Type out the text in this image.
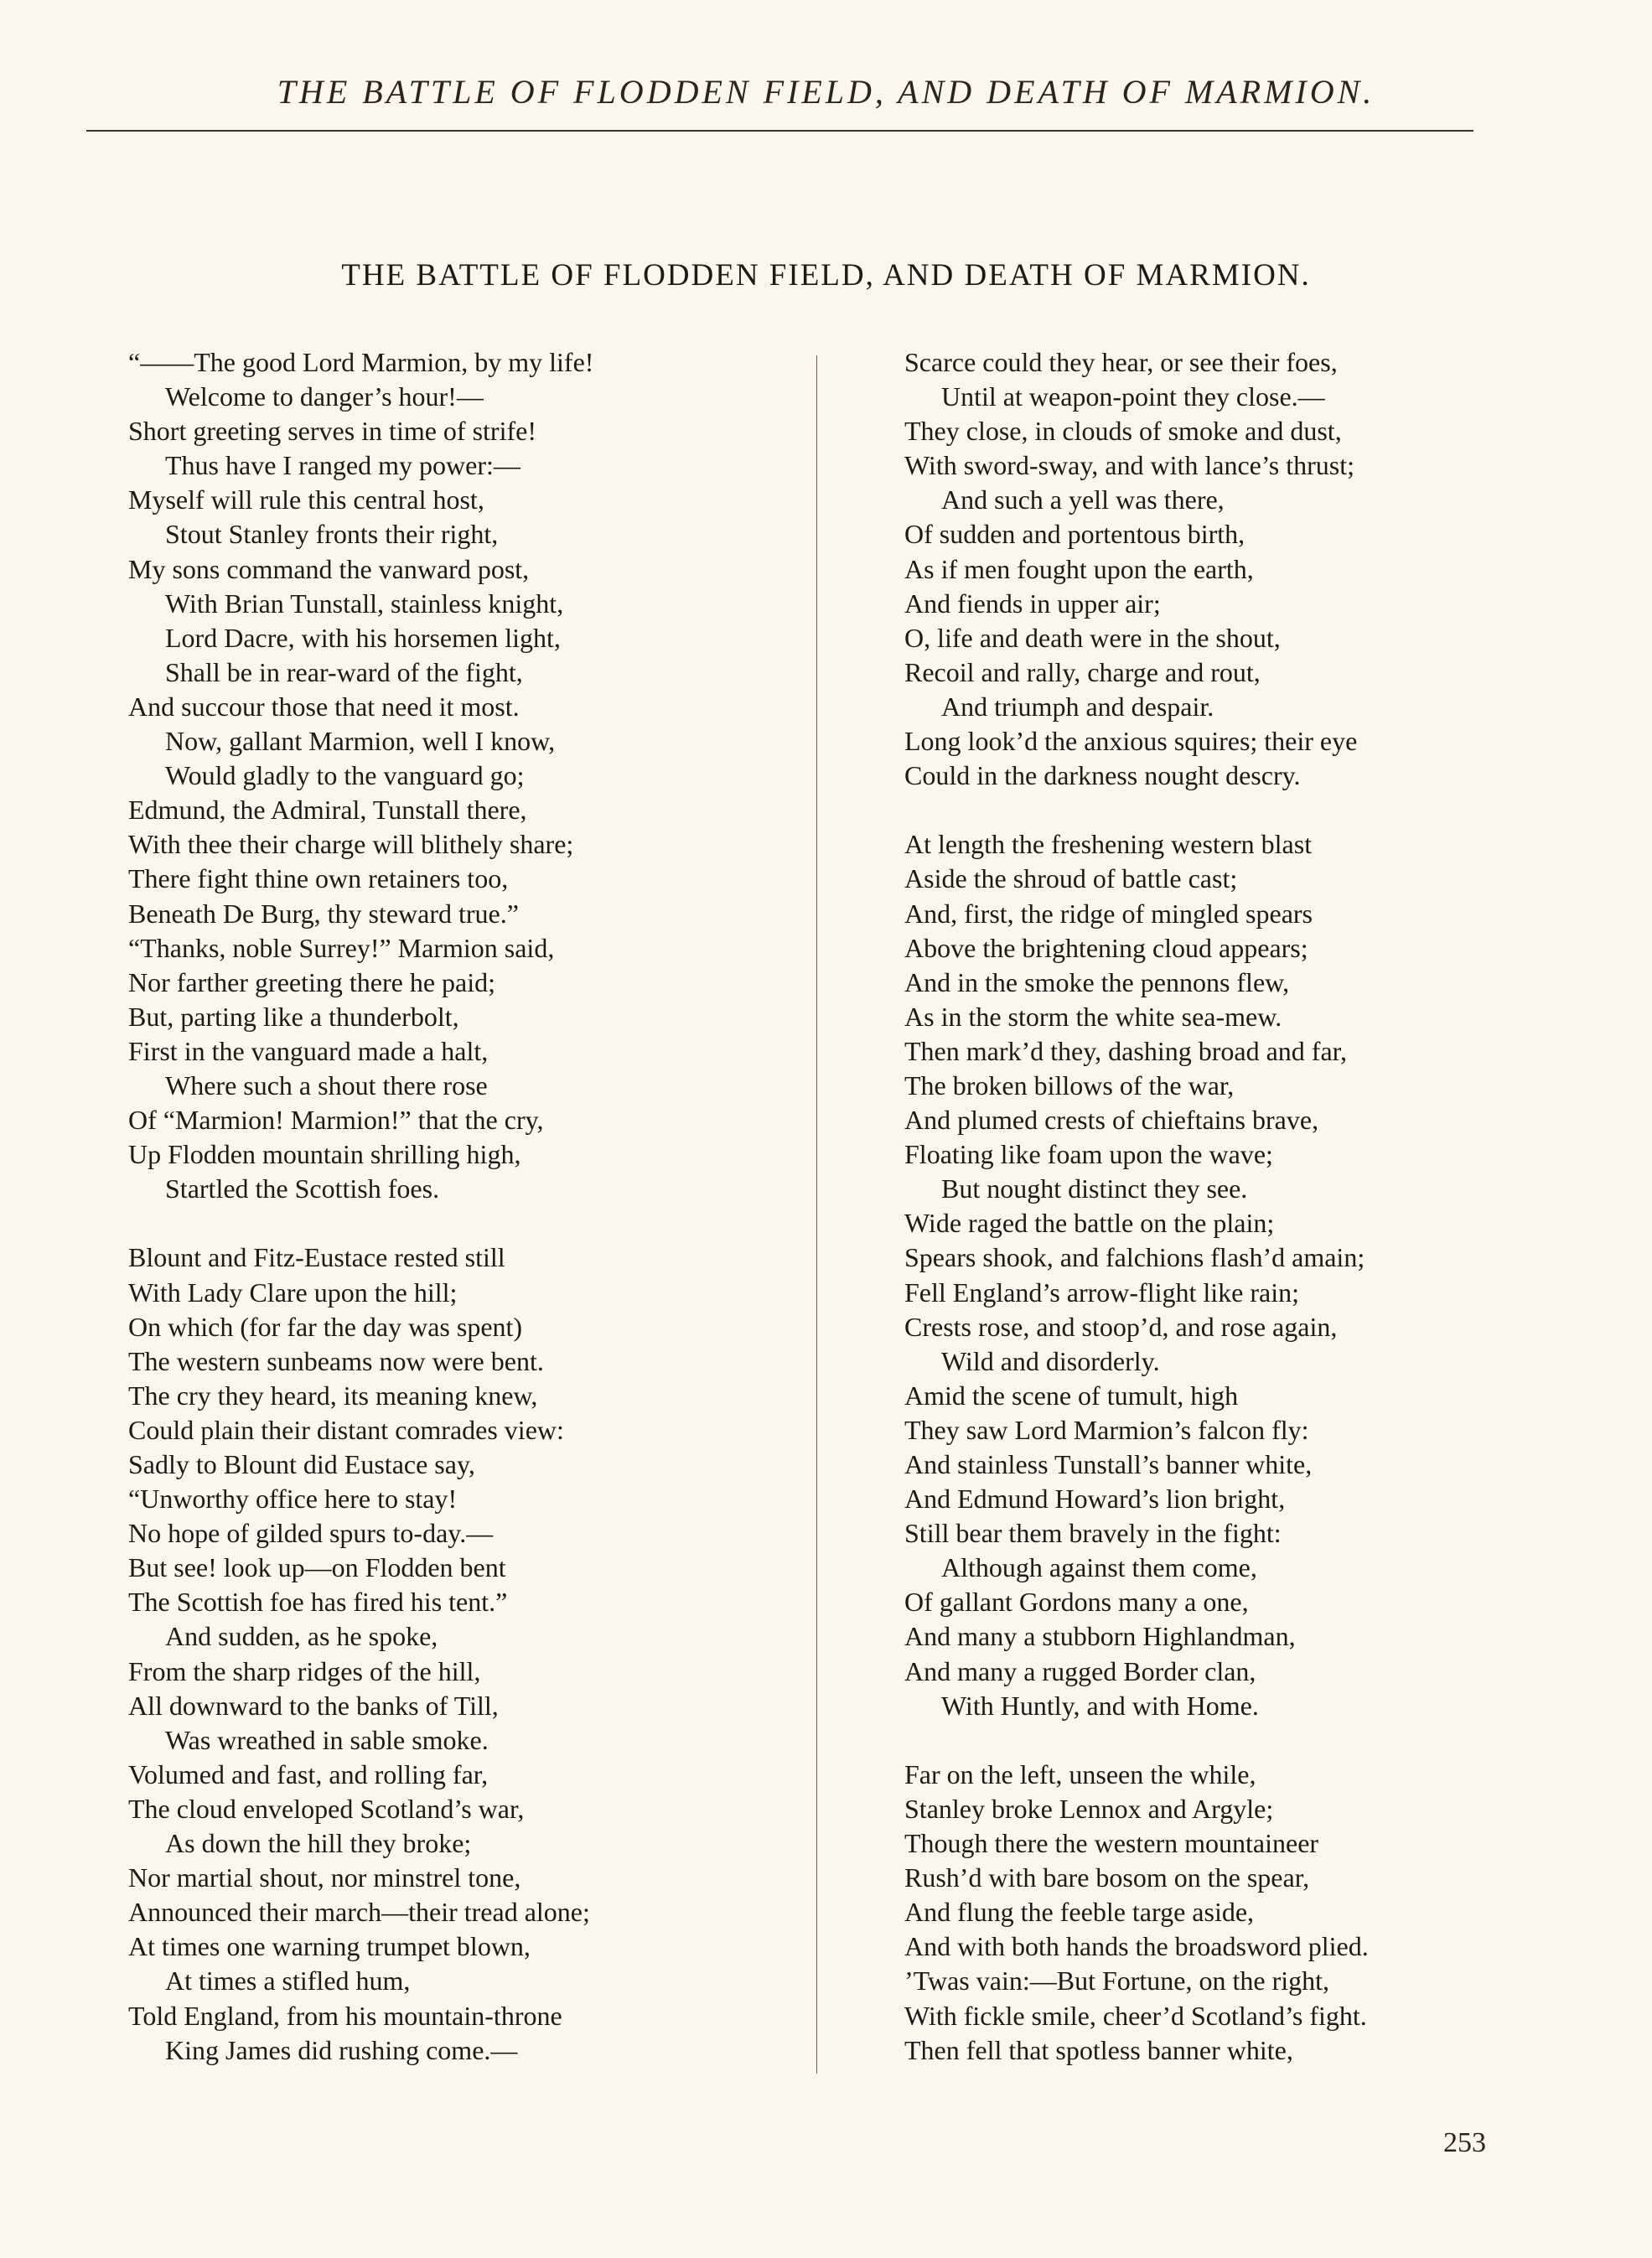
THE BATTLE OF FLODDEN FIELD, AND DEATH OF MARMION.
THE BATTLE OF FLODDEN FIELD, AND DEATH OF MARMION.
“——The good Lord Marmion, by my life!
Welcome to danger’s hour!—
Short greeting serves in time of strife!
Thus have I ranged my power:—
Myself will rule this central host,
Stout Stanley fronts their right,
My sons command the vanward post,
With Brian Tunstall, stainless knight,
Lord Dacre, with his horsemen light,
Shall be in rear-ward of the fight,
And succour those that need it most.
Now, gallant Marmion, well I know,
Would gladly to the vanguard go;
Edmund, the Admiral, Tunstall there,
With thee their charge will blithely share;
There fight thine own retainers too,
Beneath De Burg, thy steward true.”
“Thanks, noble Surrey!” Marmion said,
Nor farther greeting there he paid;
But, parting like a thunderbolt,
First in the vanguard made a halt,
Where such a shout there rose
Of “Marmion! Marmion!” that the cry,
Up Flodden mountain shrilling high,
Startled the Scottish foes.
Blount and Fitz-Eustace rested still
With Lady Clare upon the hill;
On which (for far the day was spent)
The western sunbeams now were bent.
The cry they heard, its meaning knew,
Could plain their distant comrades view:
Sadly to Blount did Eustace say,
“Unworthy office here to stay!
No hope of gilded spurs to-day.—
But see! look up—on Flodden bent
The Scottish foe has fired his tent.”
And sudden, as he spoke,
From the sharp ridges of the hill,
All downward to the banks of Till,
Was wreathed in sable smoke.
Volumed and fast, and rolling far,
The cloud enveloped Scotland’s war,
As down the hill they broke;
Nor martial shout, nor minstrel tone,
Announced their march—their tread alone;
At times one warning trumpet blown,
At times a stifled hum,
Told England, from his mountain-throne
King James did rushing come.—
Scarce could they hear, or see their foes,
Until at weapon-point they close.—
They close, in clouds of smoke and dust,
With sword-sway, and with lance’s thrust;
And such a yell was there,
Of sudden and portentous birth,
As if men fought upon the earth,
And fiends in upper air;
O, life and death were in the shout,
Recoil and rally, charge and rout,
And triumph and despair.
Long look’d the anxious squires; their eye
Could in the darkness nought descry.
At length the freshening western blast
Aside the shroud of battle cast;
And, first, the ridge of mingled spears
Above the brightening cloud appears;
And in the smoke the pennons flew,
As in the storm the white sea-mew.
Then mark’d they, dashing broad and far,
The broken billows of the war,
And plumed crests of chieftains brave,
Floating like foam upon the wave;
But nought distinct they see.
Wide raged the battle on the plain;
Spears shook, and falchions flash’d amain;
Fell England’s arrow-flight like rain;
Crests rose, and stoop’d, and rose again,
Wild and disorderly.
Amid the scene of tumult, high
They saw Lord Marmion’s falcon fly:
And stainless Tunstall’s banner white,
And Edmund Howard’s lion bright,
Still bear them bravely in the fight:
Although against them come,
Of gallant Gordons many a one,
And many a stubborn Highlandman,
And many a rugged Border clan,
With Huntly, and with Home.
Far on the left, unseen the while,
Stanley broke Lennox and Argyle;
Though there the western mountaineer
Rush’d with bare bosom on the spear,
And flung the feeble targe aside,
And with both hands the broadsword plied.
’Twas vain:—But Fortune, on the right,
With fickle smile, cheer’d Scotland’s fight.
Then fell that spotless banner white,
253
